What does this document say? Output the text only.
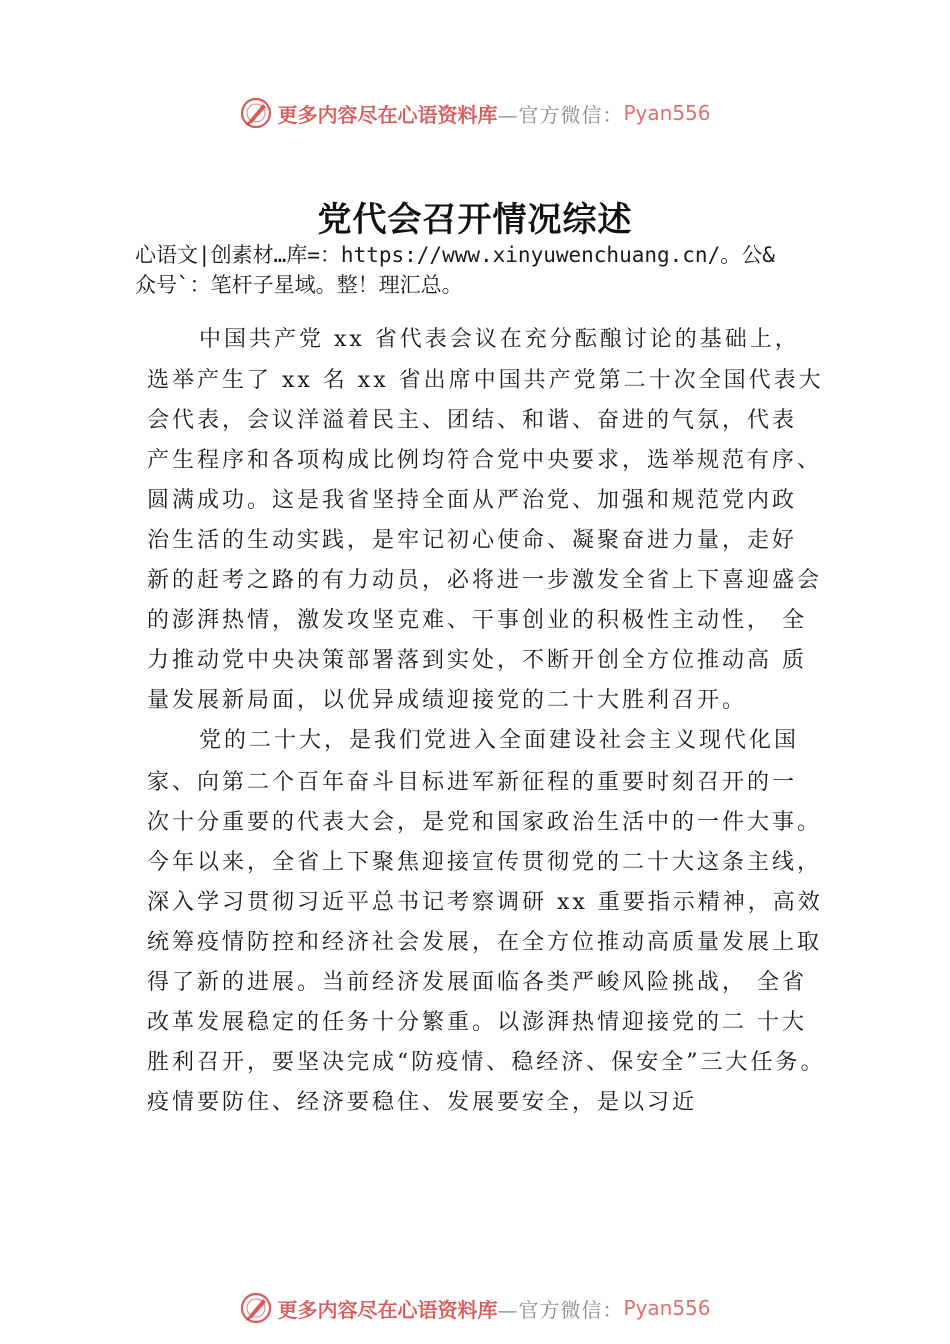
更多内容尽在心语资料库 —官方微信： Pyan556
党代会召开情况综述
心语文|创素材…库=：https://www.xinyuwenchuang.cn/。公&
众号`：笔杆子星域。整！理汇总。
中国共产党 xx 省代表会议在充分酝酿讨论的基础上，
选举产生了 xx 名 xx 省出席中国共产党第二十次全国代表大
会代表，会议洋溢着民主、团结、和谐、奋进的气氛，代表
产生程序和各项构成比例均符合党中央要求，选举规范有序、
圆满成功。这是我省坚持全面从严治党、加强和规范党内政
治生活的生动实践，是牢记初心使命、凝聚奋进力量，走好
新的赶考之路的有力动员，必将进一步激发全省上下喜迎盛会
的澎湃热情，激发攻坚克难、干事创业的积极性主动性， 全
力推动党中央决策部署落到实处，不断开创全方位推动高 质
量发展新局面，以优异成绩迎接党的二十大胜利召开。
党的二十大，是我们党进入全面建设社会主义现代化国
家、向第二个百年奋斗目标进军新征程的重要时刻召开的一
次十分重要的代表大会，是党和国家政治生活中的一件大事。
今年以来，全省上下聚焦迎接宣传贯彻党的二十大这条主线，
深入学习贯彻习近平总书记考察调研 xx 重要指示精神，高效
统筹疫情防控和经济社会发展，在全方位推动高质量发展上取
得了新的进展。当前经济发展面临各类严峻风险挑战， 全省
改革发展稳定的任务十分繁重。以澎湃热情迎接党的二 十大
胜利召开，要坚决完成“防疫情、稳经济、保安全”三大任务。
疫情要防住、经济要稳住、发展要安全，是以习近
更多内容尽在心语资料库 —官方微信： Pyan556
